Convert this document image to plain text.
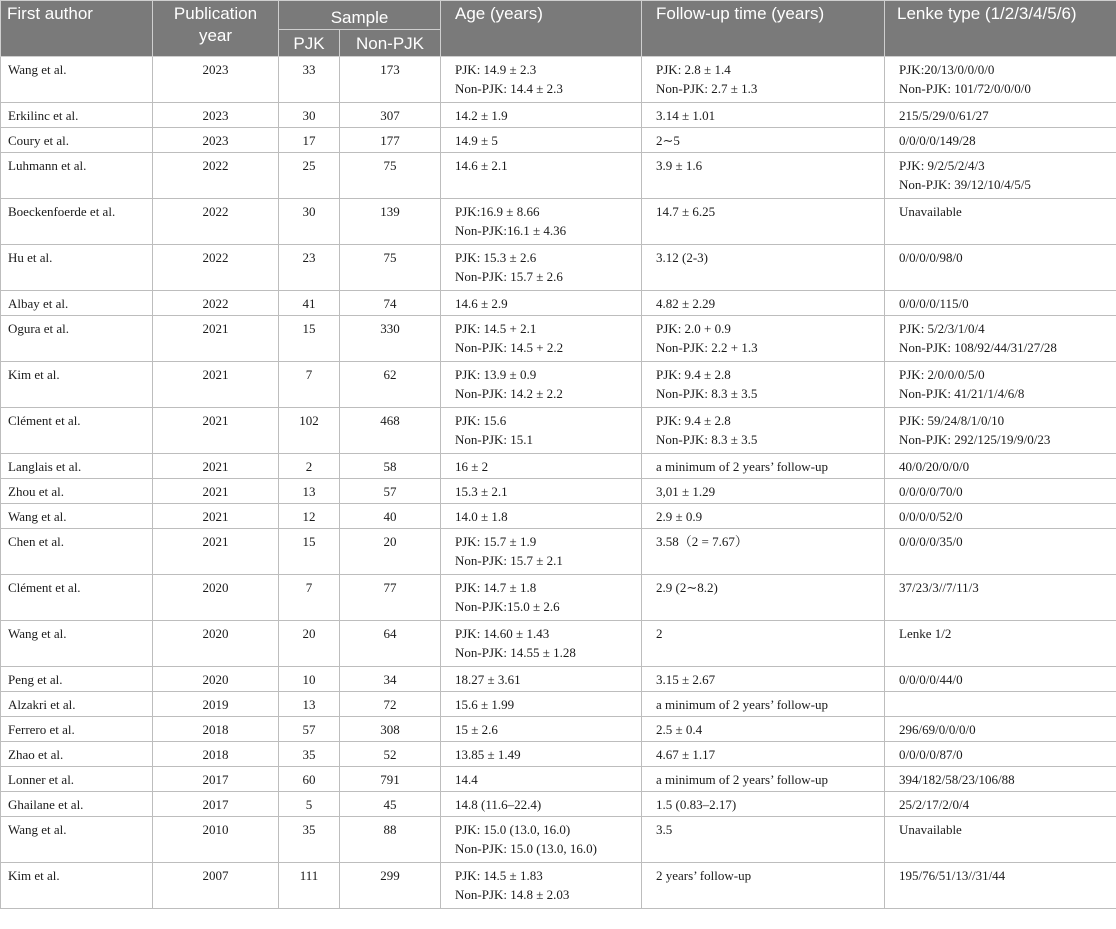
First author	Publication year	Sample		Age (years)	Follow-up time (years)	Lenke type (1/2/3/4/5/6)
		PJK	Non-PJK			

Wang et al.	2023	33	173	PJK: 14.9 ± 2.3
Non-PJK: 14.4 ± 2.3	PJK: 2.8 ± 1.4
Non-PJK: 2.7 ± 1.3	PJK:20/13/0/0/0/0
Non-PJK: 101/72/0/0/0/0

Erkilinc et al.	2023	30	307	14.2 ± 1.9	3.14 ± 1.01	215/5/29/0/61/27

Coury et al.	2023	17	177	14.9 ± 5	2∼5	0/0/0/0/149/28

Luhmann et al.	2022	25	75	14.6 ± 2.1	3.9 ± 1.6	PJK: 9/2/5/2/4/3
Non-PJK: 39/12/10/4/5/5

Boeckenfoerde et al.	2022	30	139	PJK:16.9 ± 8.66
Non-PJK:16.1 ± 4.36	14.7 ± 6.25	Unavailable

Hu et al.	2022	23	75	PJK: 15.3 ± 2.6
Non-PJK: 15.7 ± 2.6	3.12 (2-3)	0/0/0/0/98/0

Albay et al.	2022	41	74	14.6 ± 2.9	4.82 ± 2.29	0/0/0/0/115/0

Ogura et al.	2021	15	330	PJK: 14.5 + 2.1
Non-PJK: 14.5 + 2.2	PJK: 2.0 + 0.9
Non-PJK: 2.2 + 1.3	PJK: 5/2/3/1/0/4
Non-PJK: 108/92/44/31/27/28

Kim et al.	2021	7	62	PJK: 13.9 ± 0.9
Non-PJK: 14.2 ± 2.2	PJK: 9.4 ± 2.8
Non-PJK: 8.3 ± 3.5	PJK: 2/0/0/0/5/0
Non-PJK: 41/21/1/4/6/8

Clément et al.	2021	102	468	PJK: 15.6
Non-PJK: 15.1	PJK: 9.4 ± 2.8
Non-PJK: 8.3 ± 3.5	PJK: 59/24/8/1/0/10
Non-PJK: 292/125/19/9/0/23

Langlais et al.	2021	2	58	16 ± 2	a minimum of 2 years’ follow-up	40/0/20/0/0/0

Zhou et al.	2021	13	57	15.3 ± 2.1	3,01 ± 1.29	0/0/0/0/70/0

Wang et al.	2021	12	40	14.0 ± 1.8	2.9 ± 0.9	0/0/0/0/52/0

Chen et al.	2021	15	20	PJK: 15.7 ± 1.9
Non-PJK: 15.7 ± 2.1	3.58（2 = 7.67）	0/0/0/0/35/0

Clément et al.	2020	7	77	PJK: 14.7 ± 1.8
Non-PJK:15.0 ± 2.6	2.9 (2∼8.2)	37/23/3//7/11/3

Wang et al.	2020	20	64	PJK: 14.60 ± 1.43
Non-PJK: 14.55 ± 1.28	2	Lenke 1/2

Peng et al.	2020	10	34	18.27 ± 3.61	3.15 ± 2.67	0/0/0/0/44/0

Alzakri et al.	2019	13	72	15.6 ± 1.99	a minimum of 2 years’ follow-up	

Ferrero et al.	2018	57	308	15 ± 2.6	2.5 ± 0.4	296/69/0/0/0/0

Zhao et al.	2018	35	52	13.85 ± 1.49	4.67 ± 1.17	0/0/0/0/87/0

Lonner et al.	2017	60	791	14.4	a minimum of 2 years’ follow-up	394/182/58/23/106/88

Ghailane et al.	2017	5	45	14.8 (11.6–22.4)	1.5 (0.83–2.17)	25/2/17/2/0/4

Wang et al.	2010	35	88	PJK: 15.0 (13.0, 16.0)
Non-PJK: 15.0 (13.0, 16.0)	3.5	Unavailable

Kim et al.	2007	111	299	PJK: 14.5 ± 1.83
Non-PJK: 14.8 ± 2.03	2 years’ follow-up	195/76/51/13//31/44
